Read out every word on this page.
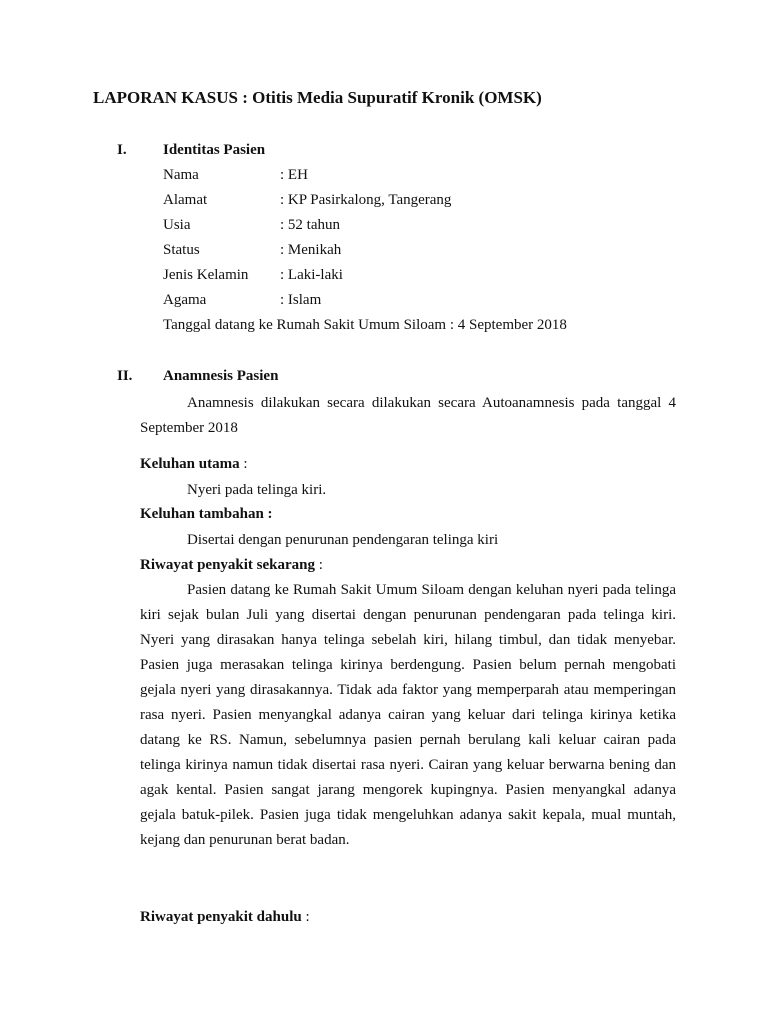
LAPORAN KASUS : Otitis Media Supuratif Kronik (OMSK)
I. Identitas Pasien
Nama	: EH
Alamat	: KP Pasirkalong, Tangerang
Usia	: 52 tahun
Status	: Menikah
Jenis Kelamin : Laki-laki
Agama	: Islam
Tanggal datang ke Rumah Sakit Umum Siloam : 4 September 2018
II. Anamnesis Pasien
Anamnesis dilakukan secara dilakukan secara Autoanamnesis pada tanggal 4 September 2018
Keluhan utama :
Nyeri pada telinga kiri.
Keluhan tambahan :
Disertai dengan penurunan pendengaran telinga kiri
Riwayat penyakit sekarang :
Pasien datang ke Rumah Sakit Umum Siloam dengan keluhan nyeri pada telinga kiri sejak bulan Juli yang disertai dengan penurunan pendengaran pada telinga kiri. Nyeri yang dirasakan hanya telinga sebelah kiri, hilang timbul, dan tidak menyebar. Pasien juga merasakan telinga kirinya berdengung. Pasien belum pernah mengobati gejala nyeri yang dirasakannya. Tidak ada faktor yang memperparah atau memperingan rasa nyeri. Pasien menyangkal adanya cairan yang keluar dari telinga kirinya ketika datang ke RS. Namun, sebelumnya pasien pernah berulang kali keluar cairan pada telinga kirinya namun tidak disertai rasa nyeri. Cairan yang keluar berwarna bening dan agak kental. Pasien sangat jarang mengorek kupingnya. Pasien menyangkal adanya gejala batuk-pilek. Pasien juga tidak mengeluhkan adanya sakit kepala, mual muntah, kejang dan penurunan berat badan.
Riwayat penyakit dahulu :
